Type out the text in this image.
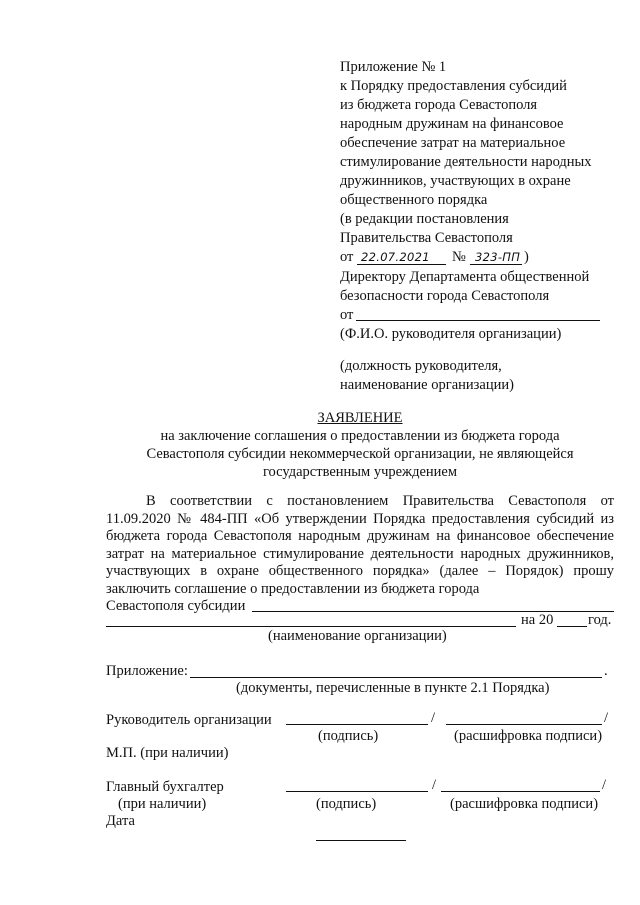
Приложение № 1
к Порядку предоставления субсидий
из бюджета города Севастополя
народным дружинам на финансовое
обеспечение затрат на материальное
стимулирование деятельности народных
дружинников, участвующих в охране
общественного порядка
(в редакции постановления
Правительства Севастополя
от 22.07.2021 № 323-ПП )
Директору Департамента общественной
безопасности города Севастополя
от
(Ф.И.О. руководителя организации)
(должность руководителя,
наименование организации)
ЗАЯВЛЕНИЕ
на заключение соглашения о предоставлении из бюджета города
Севастополя субсидии некоммерческой организации, не являющейся
государственным учреждением

В соответствии с постановлением Правительства Севастополя от 11.09.2020 № 484-ПП «Об утверждении Порядка предоставления субсидий из бюджета города Севастополя народным дружинам на финансовое обеспечение затрат на материальное стимулирование деятельности народных дружинников, участвующих в охране общественного порядка» (далее – Порядок) прошу заключить соглашение о предоставлении из бюджета города

Севастополя субсидии
на 20 год.
(наименование организации)
Приложение:	.
(документы, перечисленные в пункте 2.1 Порядка)
Руководитель организации	/	/
(подпись)	(расшифровка подписи)
М.П. (при наличии)
Главный бухгалтер	/	/
(при наличии)	(подпись)	(расшифровка подписи)
Дата
